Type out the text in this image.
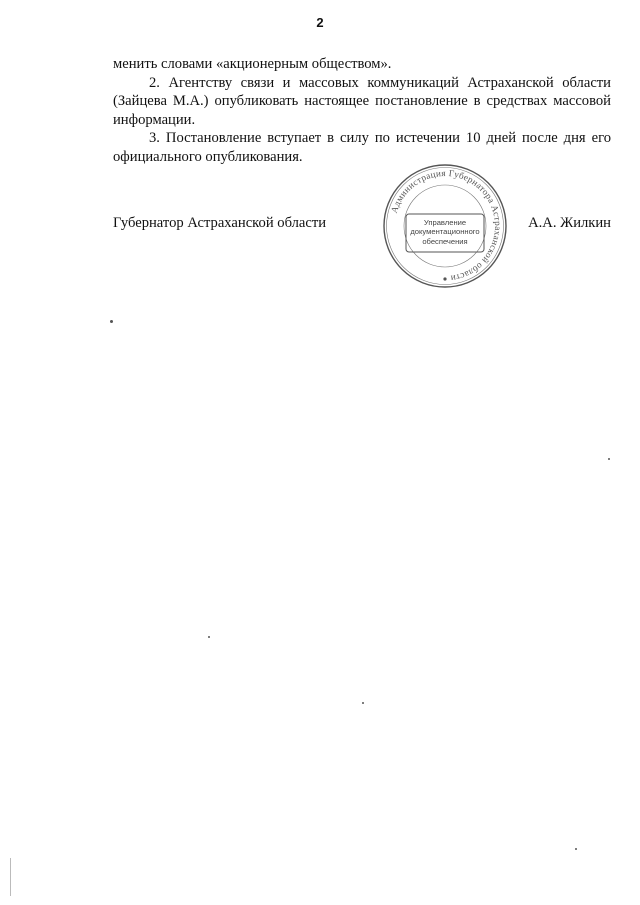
2

менить словами «акционерным обществом».

2. Агентству связи и массовых коммуникаций Астраханской области (Зайцева М.А.) опубликовать настоящее постановление в средствах массовой информации.

3. Постановление вступает в силу по истечении 10 дней после дня его официального опубликования.

Губернатор Астраханской области	А.А. Жилкин
Администрация Губернатора Астраханской области
Управление
документационного
обеспечения
